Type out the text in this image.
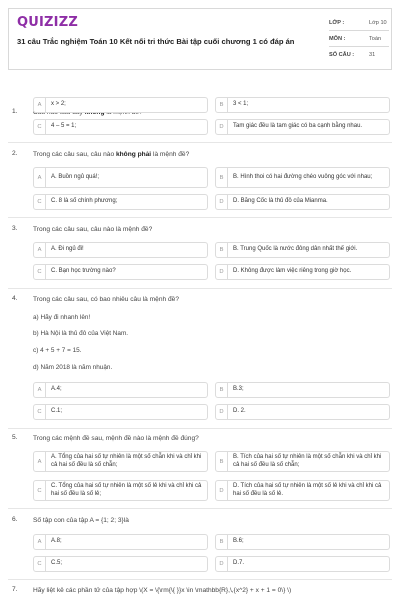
QUIZIZZ
31 câu Trắc nghiệm Toán 10 Kết nối tri thức Bài tập cuối chương 1 có đáp án
LỚP :	Lớp 10
MÔN :	Toán
SỐ CÂU :	31
1.
A	x > 2;	B	3 < 1;
C	4 – 5 = 1;	D	Tam giác đều là tam giác có ba cạnh bằng nhau.
2. Trong các câu sau, câu nào không phải là mệnh đề?
A	A. Buồn ngủ quá!;	B	B. Hình thoi có hai đường chéo vuông góc với nhau;
C	C. 8 là số chính phương;	D	D. Băng Cốc là thủ đô của Mianma.
3. Trong các câu sau, câu nào là mệnh đề?
A	A. Đi ngủ đi!	B	B. Trung Quốc là nước đông dân nhất thế giới.
C	C. Bạn học trường nào?	D	D. Không được làm việc riêng trong giờ học.
4. Trong các câu sau, có bao nhiêu câu là mệnh đề?
a) Hãy đi nhanh lên!
b) Hà Nội là thủ đô của Việt Nam.
c) 4 + 5 + 7 = 15.
d) Năm 2018 là năm nhuận.
A	A.4;	B	B.3;
C	C.1;	D	D. 2.
5. Trong các mệnh đề sau, mệnh đề nào là mệnh đề đúng?
A
A. Tổng của hai số tự nhiên là một số chẵn khi và chỉ khi cả hai số đều là số chẵn;	B
B. Tích của hai số tự nhiên là một số chẵn khi và chỉ khi cả hai số đều là số chẵn;
C
C. Tổng của hai số tự nhiên là một số lẻ khi và chỉ khi cả hai số đều là số lẻ;	D
D. Tích của hai số tự nhiên là một số lẻ khi và chỉ khi cả hai số đều là số lẻ.
6. Số tập con của tập A = {1; 2; 3}là
A	A.8;	B	B.6;
C	C.5;	D	D.7.
7. Hãy liệt kê các phần tử của tập hợp \(X = \{\rm{\{ }}x \in \mathbb{R},\,{x^2} + x + 1 = 0\} \)
